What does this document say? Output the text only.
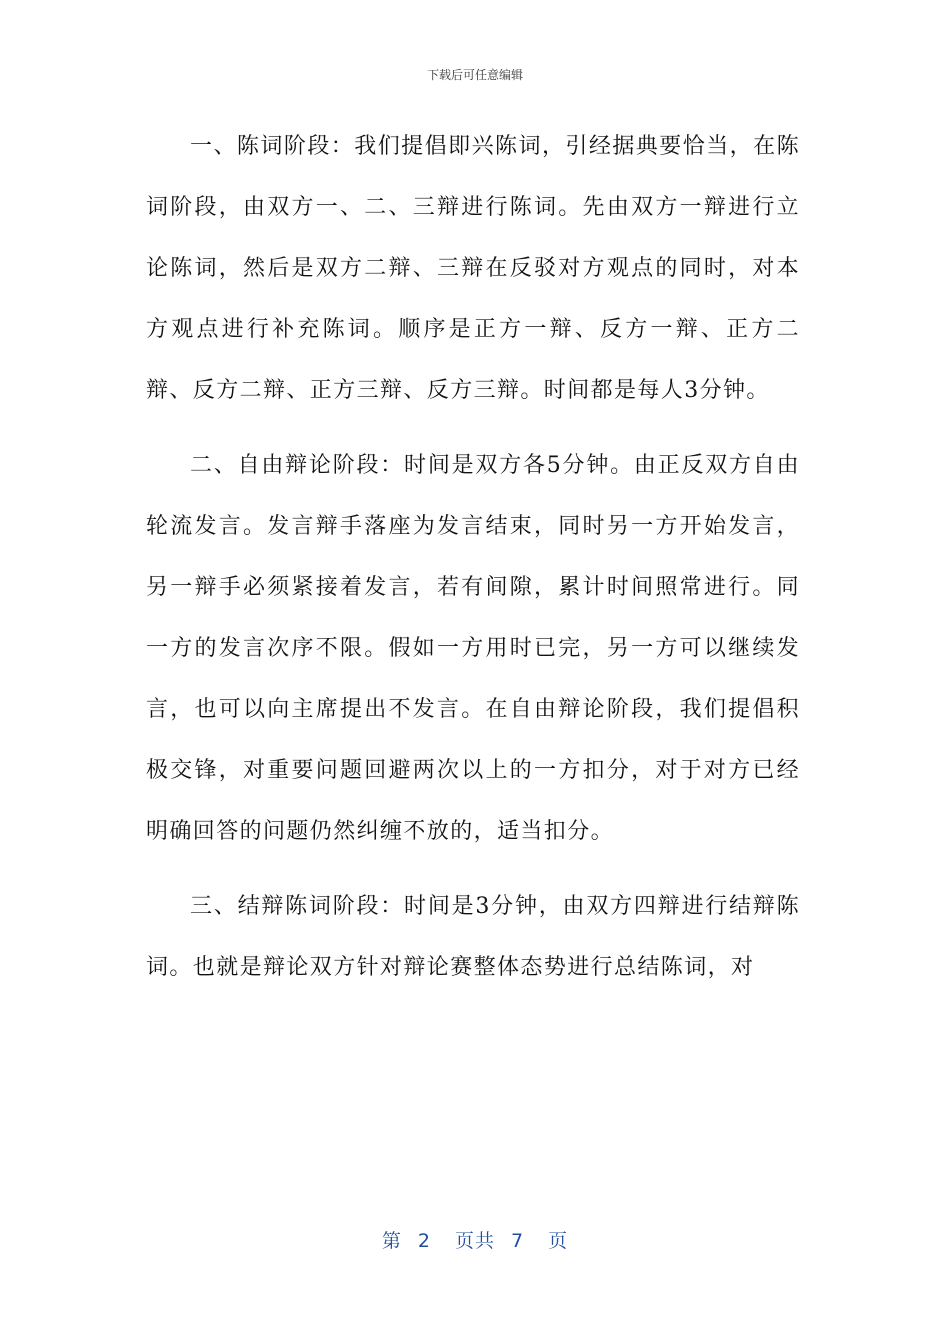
下载后可任意编辑

一、陈词阶段：我们提倡即兴陈词，引经据典要恰当，在陈词阶段，由双方一、二、三辩进行陈词。先由双方一辩进行立论陈词，然后是双方二辩、三辩在反驳对方观点的同时，对本方观点进行补充陈词。顺序是正方一辩、反方一辩、正方二辩、反方二辩、正方三辩、反方三辩。时间都是每人3分钟。

二、自由辩论阶段：时间是双方各5分钟。由正反双方自由轮流发言。发言辩手落座为发言结束，同时另一方开始发言，另一辩手必须紧接着发言，若有间隙，累计时间照常进行。同一方的发言次序不限。假如一方用时已完，另一方可以继续发言，也可以向主席提出不发言。在自由辩论阶段，我们提倡积极交锋，对重要问题回避两次以上的一方扣分，对于对方已经明确回答的问题仍然纠缠不放的，适当扣分。

三、结辩陈词阶段：时间是3分钟，由双方四辩进行结辩陈词。也就是辩论双方针对辩论赛整体态势进行总结陈词，对

第 2 页共 7 页
